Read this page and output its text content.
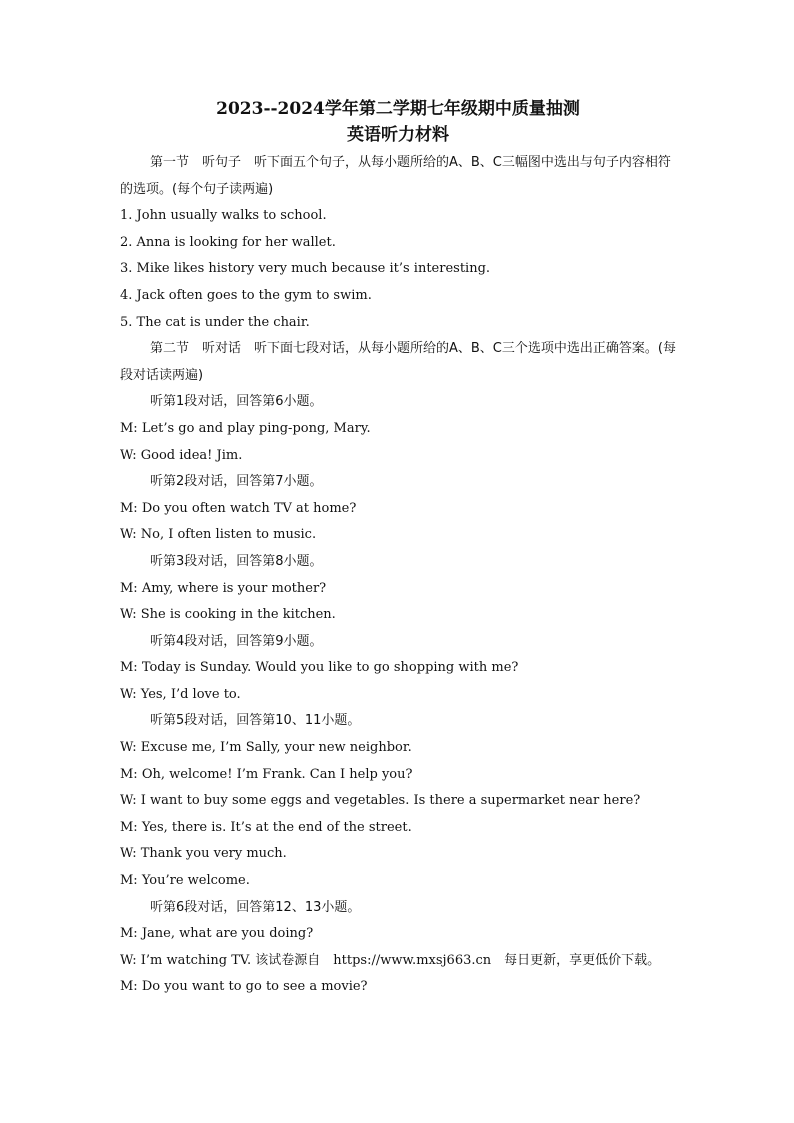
2023--2024学年第二学期七年级期中质量抽测

英语听力材料

第一节　听句子　听下面五个句子，从每小题所给的A、B、C三幅图中选出与句子内容相符的选项。(每个句子读两遍)

1. John usually walks to school.

2. Anna is looking for her wallet.

3. Mike likes history very much because it’s interesting.

4. Jack often goes to the gym to swim.

5. The cat is under the chair.

第二节　听对话　听下面七段对话，从每小题所给的A、B、C三个选项中选出正确答案。(每段对话读两遍)

听第1段对话，回答第6小题。

M: Let’s go and play ping-pong, Mary.

W: Good idea! Jim.

听第2段对话，回答第7小题。

M: Do you often watch TV at home?

W: No, I often listen to music.

听第3段对话，回答第8小题。

M: Amy, where is your mother?

W: She is cooking in the kitchen.

听第4段对话，回答第9小题。

M: Today is Sunday. Would you like to go shopping with me?

W: Yes, I’d love to.

听第5段对话，回答第10、11小题。

W: Excuse me, I’m Sally, your new neighbor.

M: Oh, welcome! I’m Frank. Can I help you?

W: I want to buy some eggs and vegetables. Is there a supermarket near here?

M: Yes, there is. It’s at the end of the street.

W: Thank you very much.

M: You’re welcome.

听第6段对话，回答第12、13小题。

M: Jane, what are you doing?

W: I’m watching TV. 该试卷源自　https://www.mxsj663.cn　每日更新，享更低价下载。M: Do you want to go to see a movie?
